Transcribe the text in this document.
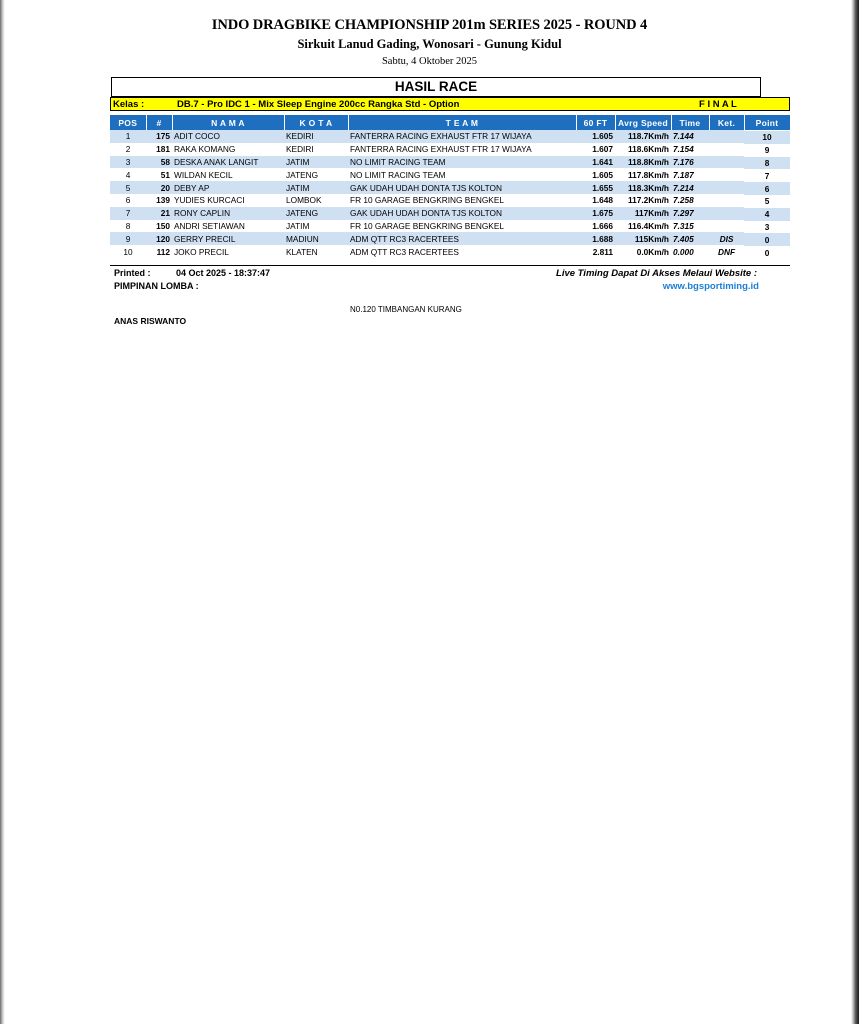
INDO DRAGBIKE CHAMPIONSHIP 201m SERIES 2025 - ROUND 4
Sirkuit Lanud Gading, Wonosari - Gunung Kidul
Sabtu, 4 Oktober 2025
HASIL RACE
Kelas :	DB.7 - Pro IDC 1 - Mix Sleep Engine 200cc Rangka Std - Option	F I N A L
POS	#	N A M A	K O T A	T E A M	60 FT	Avrg Speed	Time	Ket.	Point
1	175	ADIT COCO	KEDIRI	FANTERRA RACING EXHAUST FTR 17 WIJAYA	1.605	118.7Km/h	7.144		10
2	181	RAKA KOMANG	KEDIRI	FANTERRA RACING EXHAUST FTR 17 WIJAYA	1.607	118.6Km/h	7.154		9
3	58	DESKA ANAK LANGIT	JATIM	NO LIMIT RACING TEAM	1.641	118.8Km/h	7.176		8
4	51	WILDAN KECIL	JATENG	NO LIMIT RACING TEAM	1.605	117.8Km/h	7.187		7
5	20	DEBY AP	JATIM	GAK UDAH UDAH DONTA TJS KOLTON	1.655	118.3Km/h	7.214		6
6	139	YUDIES KURCACI	LOMBOK	FR 10 GARAGE BENGKRING BENGKEL	1.648	117.2Km/h	7.258		5
7	21	RONY CAPLIN	JATENG	GAK UDAH UDAH DONTA TJS KOLTON	1.675	117Km/h	7.297		4
8	150	ANDRI SETIAWAN	JATIM	FR 10 GARAGE BENGKRING BENGKEL	1.666	116.4Km/h	7.315		3
9	120	GERRY PRECIL	MADIUN	ADM QTT RC3 RACERTEES	1.688	115Km/h	7.405	DIS	0
10	112	JOKO PRECIL	KLATEN	ADM QTT RC3 RACERTEES	2.811	0.0Km/h	0.000	DNF	0
Printed :	04 Oct 2025 - 18:37:47
PIMPINAN LOMBA :
Live Timing Dapat Di Akses Melaui Website :
www.bgsportiming.id
N0.120 TIMBANGAN KURANG
ANAS RISWANTO
